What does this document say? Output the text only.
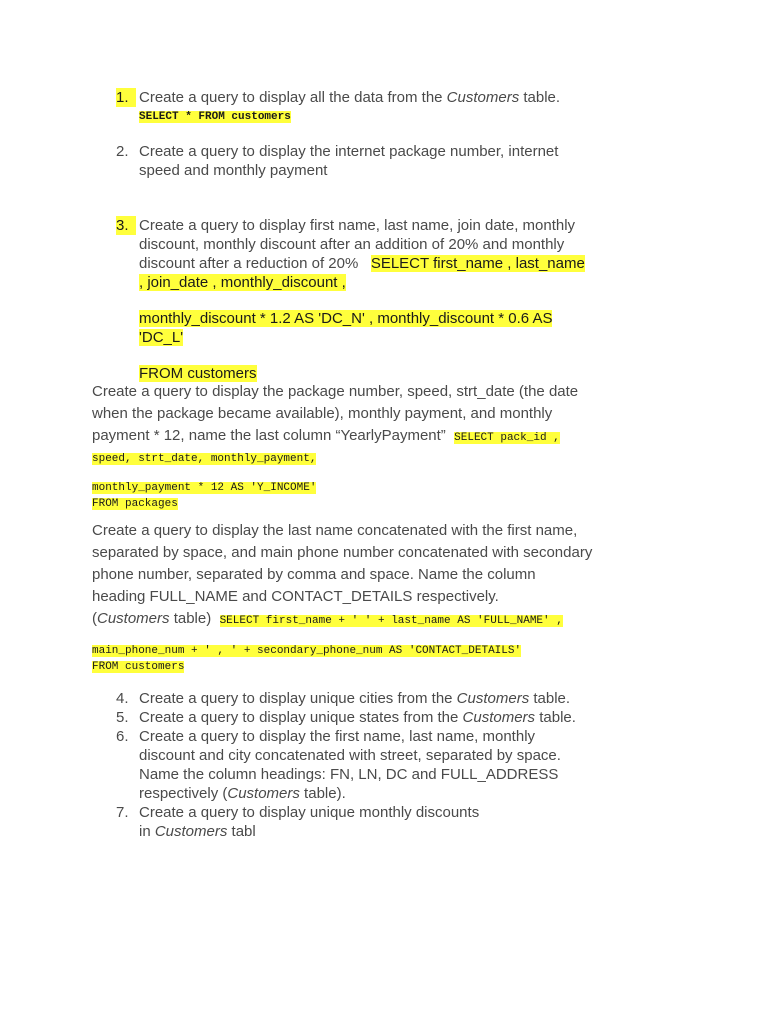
1. Create a query to display all the data from the Customers table.
SELECT * FROM customers
2. Create a query to display the internet package number, internet
speed and monthly payment
3. Create a query to display first name, last name, join date, monthly
discount, monthly discount after an addition of 20% and monthly
discount after a reduction of 20% SELECT first_name , last_name
, join_date , monthly_discount ,
monthly_discount * 1.2 AS 'DC_N' , monthly_discount * 0.6 AS
'DC_L'
FROM customers
Create a query to display the package number, speed, strt_date (the date
when the package became available), monthly payment, and monthly
payment * 12, name the last column “YearlyPayment” SELECT pack_id ,
speed, strt_date, monthly_payment,
monthly_payment * 12 AS 'Y_INCOME'
FROM packages
Create a query to display the last name concatenated with the first name,
separated by space, and main phone number concatenated with secondary
phone number, separated by comma and space. Name the column
heading FULL_NAME and CONTACT_DETAILS respectively.
(Customers table) SELECT first_name + ' ' + last_name AS 'FULL_NAME' ,
main_phone_num + ' , ' + secondary_phone_num AS 'CONTACT_DETAILS'
FROM customers
4. Create a query to display unique cities from the Customers table.
5. Create a query to display unique states from the Customers table.
6. Create a query to display the first name, last name, monthly
discount and city concatenated with street, separated by space.
Name the column headings: FN, LN, DC and FULL_ADDRESS
respectively (Customers table).
7. Create a query to display unique monthly discounts
in Customers tabl
